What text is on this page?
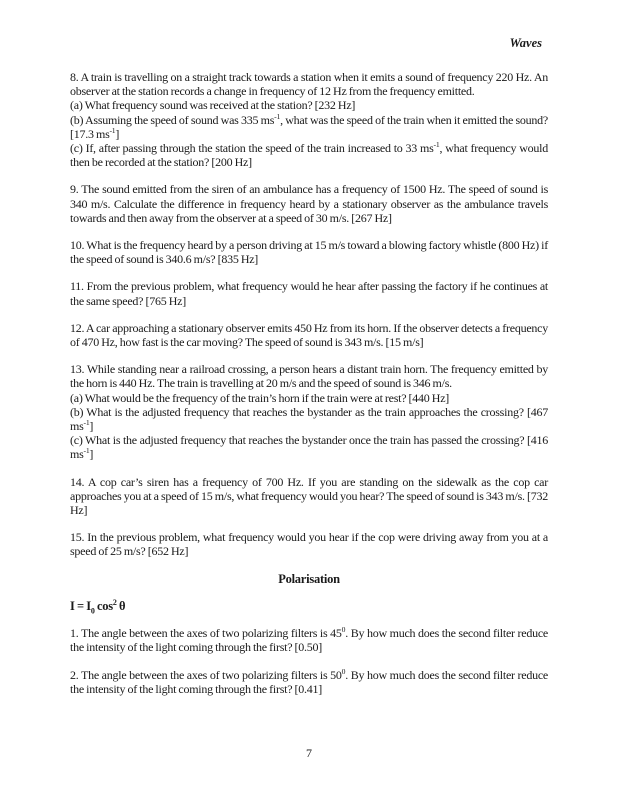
Waves

8. A train is travelling on a straight track towards a station when it emits a sound of frequency 220 Hz. An observer at the station records a change in frequency of 12 Hz from the frequency emitted.

(a) What frequency sound was received at the station? [232 Hz]

(b) Assuming the speed of sound was 335 $ms^{-1}$, what was the speed of the train when it emitted the sound? [17.3 $ms^{-1}$]

(c) If, after passing through the station the speed of the train increased to 33 $ms^{-1}$, what frequency would then be recorded at the station? [200 Hz]

9. The sound emitted from the siren of an ambulance has a frequency of 1500 Hz. The speed of sound is 340 m/s. Calculate the difference in frequency heard by a stationary observer as the ambulance travels towards and then away from the observer at a speed of 30 m/s. [267 Hz]

10. What is the frequency heard by a person driving at 15 m/s toward a blowing factory whistle (800 Hz) if the speed of sound is 340.6 m/s? [835 Hz]

11. From the previous problem, what frequency would he hear after passing the factory if he continues at the same speed? [765 Hz]

12. A car approaching a stationary observer emits 450 Hz from its horn. If the observer detects a frequency of 470 Hz, how fast is the car moving? The speed of sound is 343 m/s. [15 m/s]

13. While standing near a railroad crossing, a person hears a distant train horn. The frequency emitted by the horn is 440 Hz. The train is travelling at 20 m/s and the speed of sound is 346 m/s.

(a) What would be the frequency of the train’s horn if the train were at rest? [440 Hz]

(b) What is the adjusted frequency that reaches the bystander as the train approaches the crossing? [467 $ms^{-1}$]

(c) What is the adjusted frequency that reaches the bystander once the train has passed the crossing? [416 $ms^{-1}$]

14. A cop car’s siren has a frequency of 700 Hz. If you are standing on the sidewalk as the cop car approaches you at a speed of 15 m/s, what frequency would you hear? The speed of sound is 343 m/s. [732 Hz]

15. In the previous problem, what frequency would you hear if the cop were driving away from you at a speed of 25 m/s? [652 Hz]

Polarisation

$I = I_0$ $\cos^2 \theta$

1. The angle between the axes of two polarizing filters is $45^0$. By how much does the second filter reduce the intensity of the light coming through the first? [0.50]

2. The angle between the axes of two polarizing filters is $50^0$. By how much does the second filter reduce the intensity of the light coming through the first? [0.41]

7
